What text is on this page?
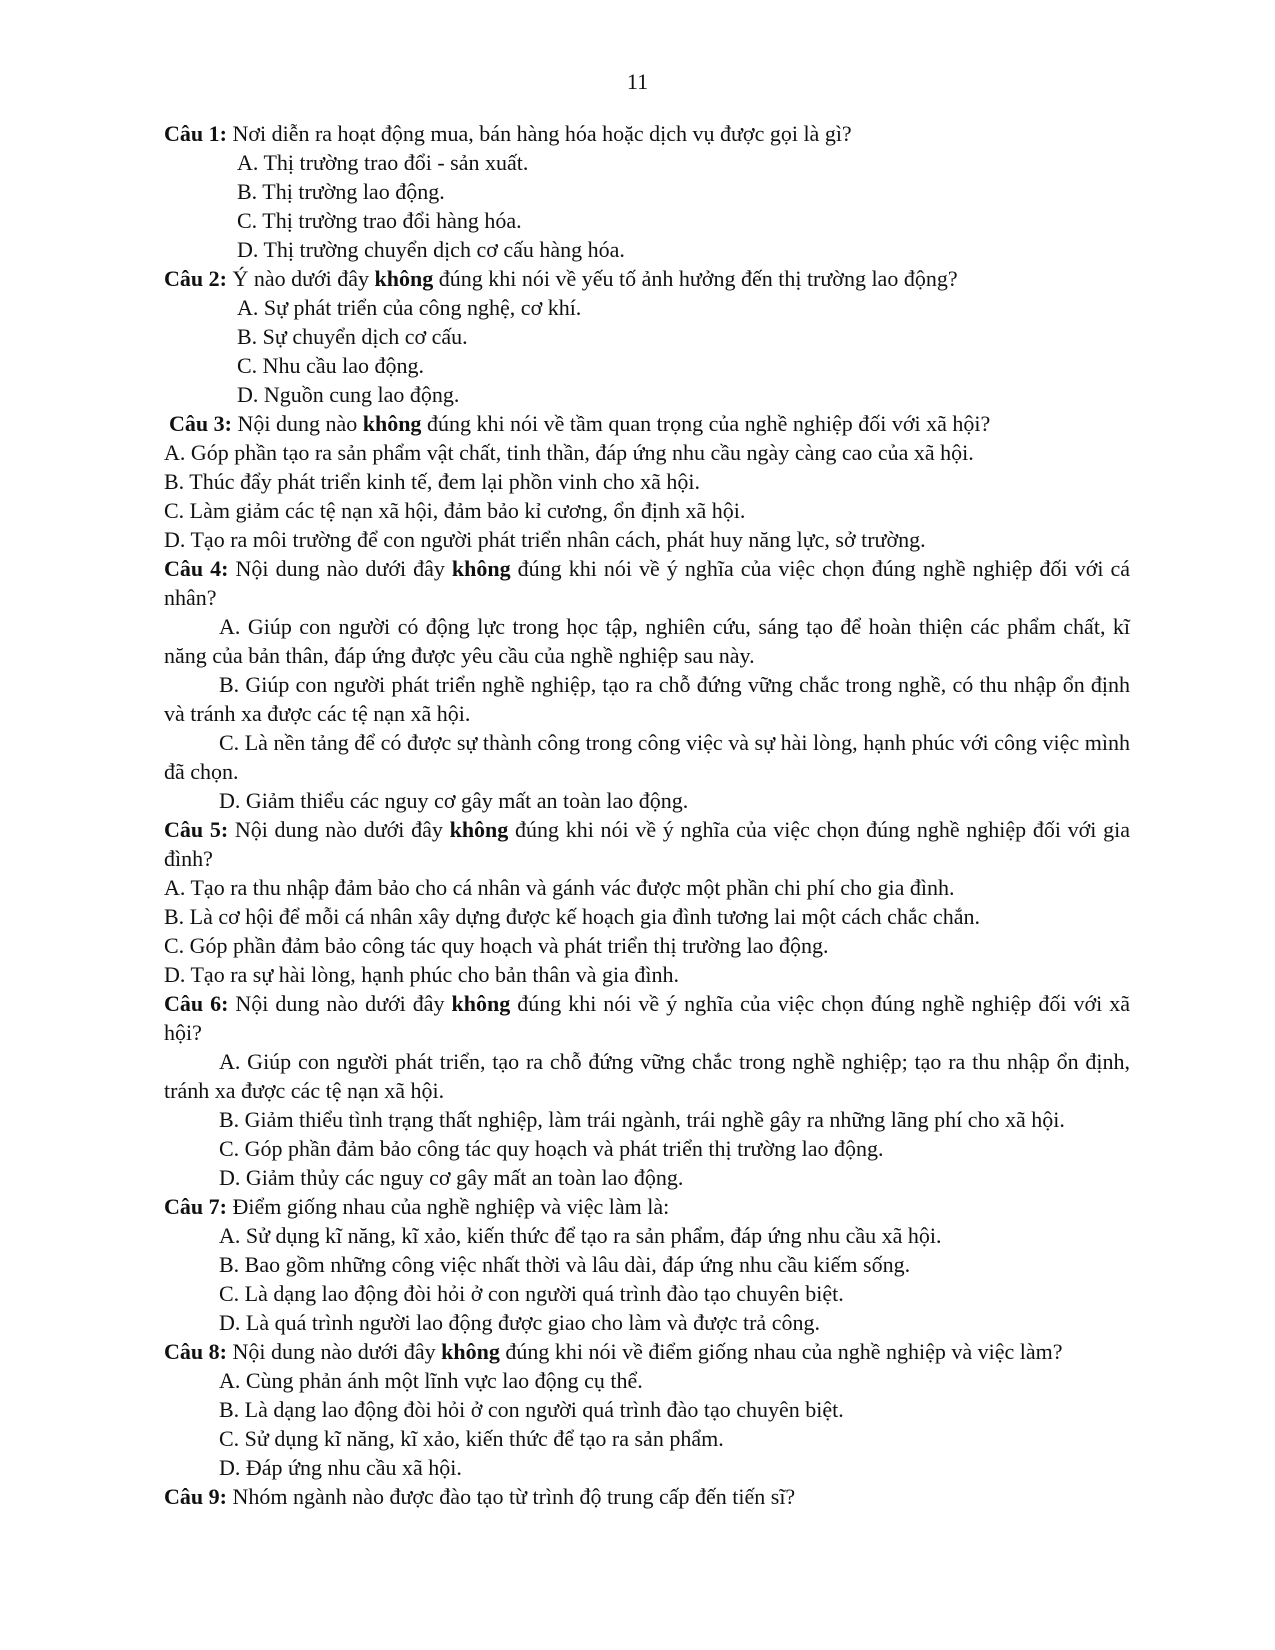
11

Câu 1: Nơi diễn ra hoạt động mua, bán hàng hóa hoặc dịch vụ được gọi là gì?

A. Thị trường trao đổi - sản xuất.

B. Thị trường lao động.

C. Thị trường trao đổi hàng hóa.

D. Thị trường chuyển dịch cơ cấu hàng hóa.

Câu 2: Ý nào dưới đây không đúng khi nói về yếu tố ảnh hưởng đến thị trường lao động?

A. Sự phát triển của công nghệ, cơ khí.

B. Sự chuyển dịch cơ cấu.

C. Nhu cầu lao động.

D. Nguồn cung lao động.

Câu 3: Nội dung nào không đúng khi nói về tầm quan trọng của nghề nghiệp đối với xã hội?

A. Góp phần tạo ra sản phẩm vật chất, tinh thần, đáp ứng nhu cầu ngày càng cao của xã hội.

B. Thúc đẩy phát triển kinh tế, đem lại phồn vinh cho xã hội.

C. Làm giảm các tệ nạn xã hội, đảm bảo kỉ cương, ổn định xã hội.

D. Tạo ra môi trường để con người phát triển nhân cách, phát huy năng lực, sở trường.

Câu 4: Nội dung nào dưới đây không đúng khi nói về ý nghĩa của việc chọn đúng nghề nghiệp đối với cá nhân?

A. Giúp con người có động lực trong học tập, nghiên cứu, sáng tạo để hoàn thiện các phẩm chất, kĩ năng của bản thân, đáp ứng được yêu cầu của nghề nghiệp sau này.

B. Giúp con người phát triển nghề nghiệp, tạo ra chỗ đứng vững chắc trong nghề, có thu nhập ổn định và tránh xa được các tệ nạn xã hội.

C. Là nền tảng để có được sự thành công trong công việc và sự hài lòng, hạnh phúc với công việc mình đã chọn.

D. Giảm thiểu các nguy cơ gây mất an toàn lao động.

Câu 5: Nội dung nào dưới đây không đúng khi nói về ý nghĩa của việc chọn đúng nghề nghiệp đối với gia đình?

A. Tạo ra thu nhập đảm bảo cho cá nhân và gánh vác được một phần chi phí cho gia đình.

B. Là cơ hội để mỗi cá nhân xây dựng được kế hoạch gia đình tương lai một cách chắc chắn.

C. Góp phần đảm bảo công tác quy hoạch và phát triển thị trường lao động.

D. Tạo ra sự hài lòng, hạnh phúc cho bản thân và gia đình.

Câu 6: Nội dung nào dưới đây không đúng khi nói về ý nghĩa của việc chọn đúng nghề nghiệp đối với xã hội?

A. Giúp con người phát triển, tạo ra chỗ đứng vững chắc trong nghề nghiệp; tạo ra thu nhập ổn định, tránh xa được các tệ nạn xã hội.

B. Giảm thiểu tình trạng thất nghiệp, làm trái ngành, trái nghề gây ra những lãng phí cho xã hội.

C. Góp phần đảm bảo công tác quy hoạch và phát triển thị trường lao động.

D. Giảm thủy các nguy cơ gây mất an toàn lao động.

Câu 7: Điểm giống nhau của nghề nghiệp và việc làm là:

A. Sử dụng kĩ năng, kĩ xảo, kiến thức để tạo ra sản phẩm, đáp ứng nhu cầu xã hội.

B. Bao gồm những công việc nhất thời và lâu dài, đáp ứng nhu cầu kiếm sống.

C. Là dạng lao động đòi hỏi ở con người quá trình đào tạo chuyên biệt.

D. Là quá trình người lao động được giao cho làm và được trả công.

Câu 8: Nội dung nào dưới đây không đúng khi nói về điểm giống nhau của nghề nghiệp và việc làm?

A. Cùng phản ánh một lĩnh vực lao động cụ thể.

B. Là dạng lao động đòi hỏi ở con người quá trình đào tạo chuyên biệt.

C. Sử dụng kĩ năng, kĩ xảo, kiến thức để tạo ra sản phẩm.

D. Đáp ứng nhu cầu xã hội.

Câu 9: Nhóm ngành nào được đào tạo từ trình độ trung cấp đến tiến sĩ?
